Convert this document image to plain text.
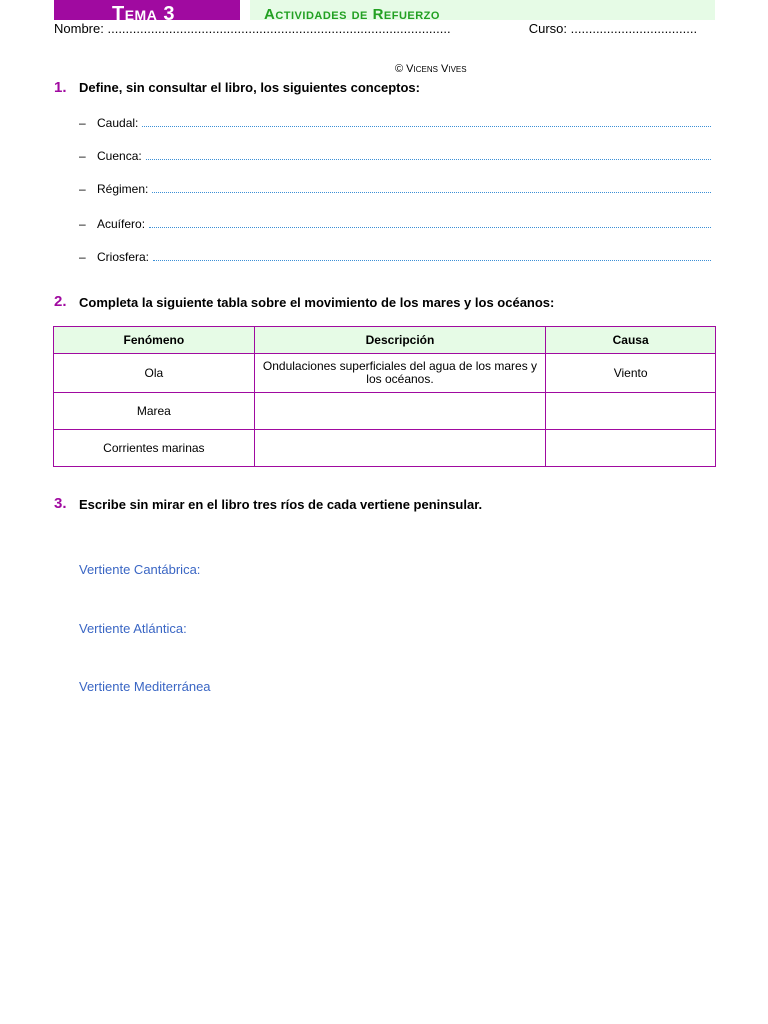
Tema 3	Actividades de Refuerzo
Nombre: ...............................................................................................	Curso: ...................................
© Vicens Vives
1. Define, sin consultar el libro, los siguientes conceptos:
– Caudal:
– Cuenca:
– Régimen:
– Acuífero:
– Criosfera:
2. Completa la siguiente tabla sobre el movimiento de los mares y los océanos:
Fenómeno	Descripción	Causa
Ola	Ondulaciones superficiales del agua de los mares y los océanos.	Viento
Marea		
Corrientes marinas		
3. Escribe sin mirar en el libro tres ríos de cada vertiene peninsular.
Vertiente Cantábrica:
Vertiente Atlántica:
Vertiente Mediterránea
